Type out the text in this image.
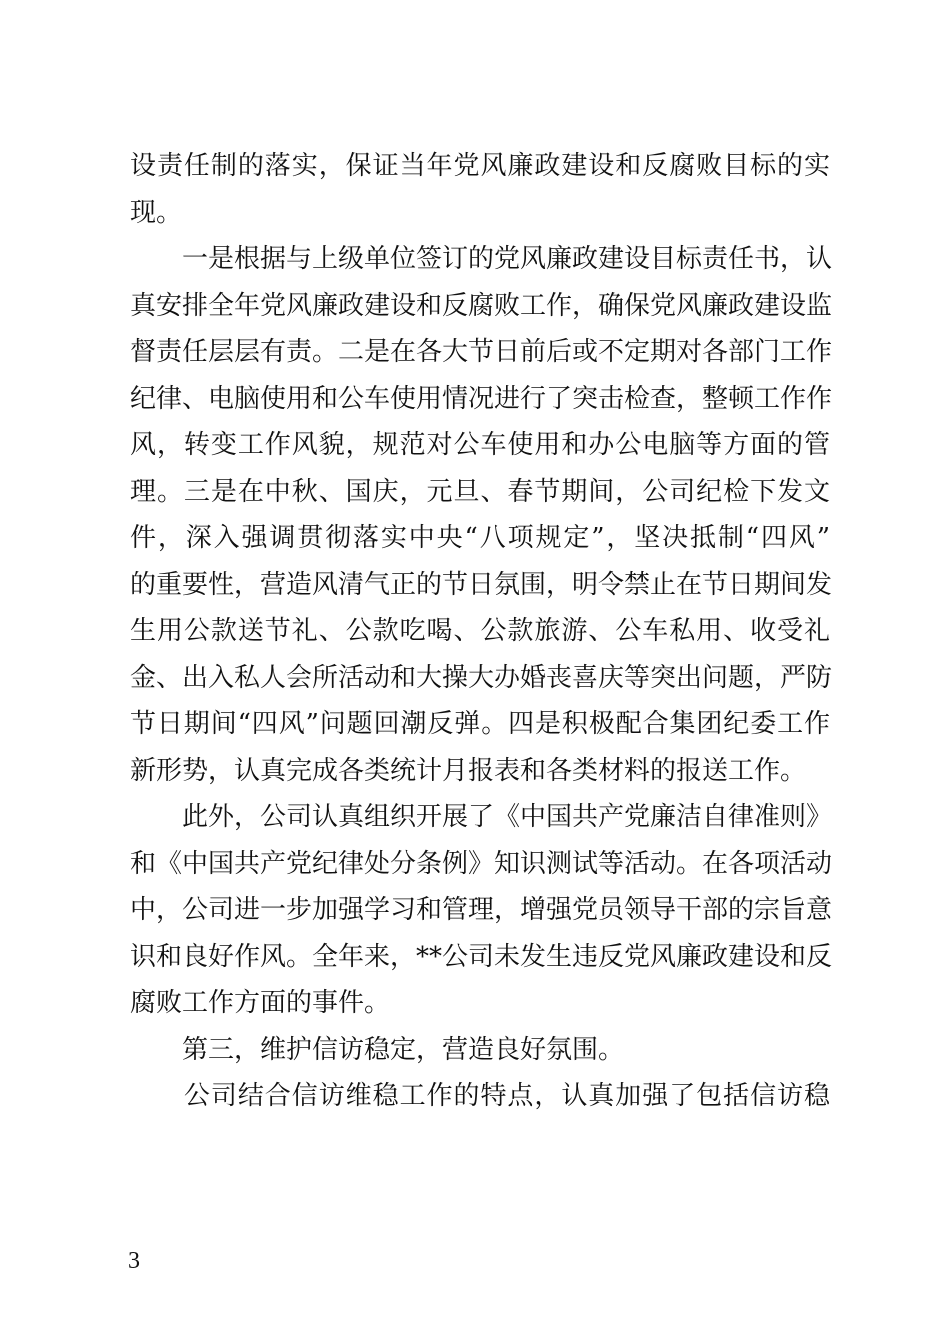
设责任制的落实，保证当年党风廉政建设和反腐败目标的实
现。
　　一是根据与上级单位签订的党风廉政建设目标责任书，认
真安排全年党风廉政建设和反腐败工作，确保党风廉政建设监
督责任层层有责。二是在各大节日前后或不定期对各部门工作
纪律、电脑使用和公车使用情况进行了突击检查，整顿工作作
风，转变工作风貌，规范对公车使用和办公电脑等方面的管
理。三是在中秋、国庆，元旦、春节期间，公司纪检下发文
件，深入强调贯彻落实中央“八项规定”，坚决抵制“四风”
的重要性，营造风清气正的节日氛围，明令禁止在节日期间发
生用公款送节礼、公款吃喝、公款旅游、公车私用、收受礼
金、出入私人会所活动和大操大办婚丧喜庆等突出问题，严防
节日期间“四风”问题回潮反弹。四是积极配合集团纪委工作
新形势，认真完成各类统计月报表和各类材料的报送工作。
　　此外，公司认真组织开展了《中国共产党廉洁自律准则》
和《中国共产党纪律处分条例》知识测试等活动。在各项活动
中，公司进一步加强学习和管理，增强党员领导干部的宗旨意
识和良好作风。全年来，**公司未发生违反党风廉政建设和反
腐败工作方面的事件。
　　第三，维护信访稳定，营造良好氛围。
　　公司结合信访维稳工作的特点，认真加强了包括信访稳
3
